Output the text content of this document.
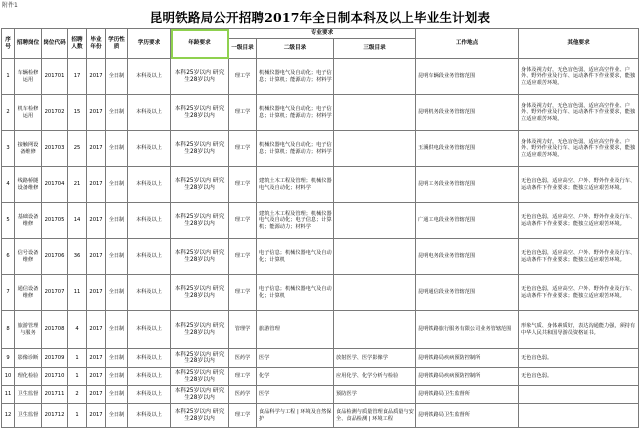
附件1
昆明铁路局公开招聘2017年全日制本科及以上毕业生计划表
序号	招聘岗位	岗位代码	招聘人数	毕业年份	学历性质	学历要求	年龄要求	专业要求			工作地点	其他要求
								一级目录	二级目录	三级目录		
1	车辆检修运用	201701	17	2017	全日制	本科及以上	本科25岁以内 研究生28岁以内	理工学	机械仪器电气及自动化；电子信息；计算机；能源动力；材料学		昆明车辆段业务管辖范围	身体及视力好，无色盲色弱，适应高空作业、户外、野外作业及行车、运动条件下作业要求，能独立适应艰苦环境。
2	机车检修运用	201702	15	2017	全日制	本科及以上	本科25岁以内 研究生28岁以内	理工学	机械仪器电气及自动化；电子信息；计算机；能源动力；材料学		昆明机务段业务管辖范围	身体及视力好，无色盲色弱，适应高空作业、户外、野外作业及行车、运动条件下作业要求，能独立适应艰苦环境。
3	接触网设备维修	201703	25	2017	全日制	本科及以上	本科25岁以内 研究生28岁以内	理工学	机械仪器电气及自动化；电子信息；计算机；能源动力；材料学		玉溪供电段业务管辖范围	身体及视力好，无色盲色弱，适应高空作业、户外、野外作业及行车、运动条件下作业要求，能独立适应艰苦环境。
4	线路桥隧设备维修	201704	21	2017	全日制	本科及以上	本科25岁以内 研究生28岁以内	理工学	建筑土木工程及管理；机械仪器电气及自动化；材料学		昆明工务段业务管辖范围	无色盲色弱，适应高空、户外、野外作业及行车、运动条件下作业要求；能独立适应艰苦环境。
5	基础设备维修	201705	14	2017	全日制	本科及以上	本科25岁以内 研究生28岁以内	理工学	建筑土木工程及管理；机械仪器电气及自动化；电子信息；计算机；能源动力；材料学		广通工电段业务管辖范围	无色盲色弱，适应高空、户外、野外作业及行车、运动条件下作业要求；能独立适应艰苦环境。
6	信号设备维修	201706	36	2017	全日制	本科及以上	本科25岁以内 研究生28岁以内	理工学	电子信息；机械仪器电气及自动化；计算机		昆明电务段业务管辖范围	无色盲色弱，适应高空、户外、野外作业及行车、运动条件下作业要求；能独立适应艰苦环境。
7	通信设备维修	201707	11	2017	全日制	本科及以上	本科25岁以内 研究生28岁以内	理工学	电子信息；机械仪器电气及自动化；计算机		昆明通信段业务管辖范围	无色盲色弱，适应高空、户外、野外作业及行车、运动条件下作业要求；能独立适应艰苦环境。
8	旅游管理与服务	201708	4	2017	全日制	本科及以上	本科25岁以内 研究生28岁以内	管理学	旅游管理		昆明铁路旅行服务有限公司业务管辖范围	形象气质、身体素质好，表达沟通能力强，须持有中华人民共和国导游员资格证书。
9	影像诊断	201709	1	2017	全日制	本科及以上	本科25岁以内 研究生28岁以内	医药学	医学	放射医学、医学影像学	昆明铁路局疾病预防控制所	无色盲色弱。
10	理化检验	201710	1	2017	全日制	本科及以上	本科25岁以内 研究生28岁以内	理工学	化学	应用化学、化学分析与检验	昆明铁路局疾病预防控制所	无色盲色弱。
11	卫生监督	201711	2	2017	全日制	本科及以上	本科25岁以内 研究生28岁以内	医药学	医学	预防医学	昆明铁路局卫生监督所	
12	卫生监督	201712	1	2017	全日制	本科及以上	本科25岁以内 研究生28岁以内	理工学	食品科学与工程 | 环境及自然保护	食品检测与质量管理食品质量与安全、食品检测 | 环境工程	昆明铁路局卫生监督所	
